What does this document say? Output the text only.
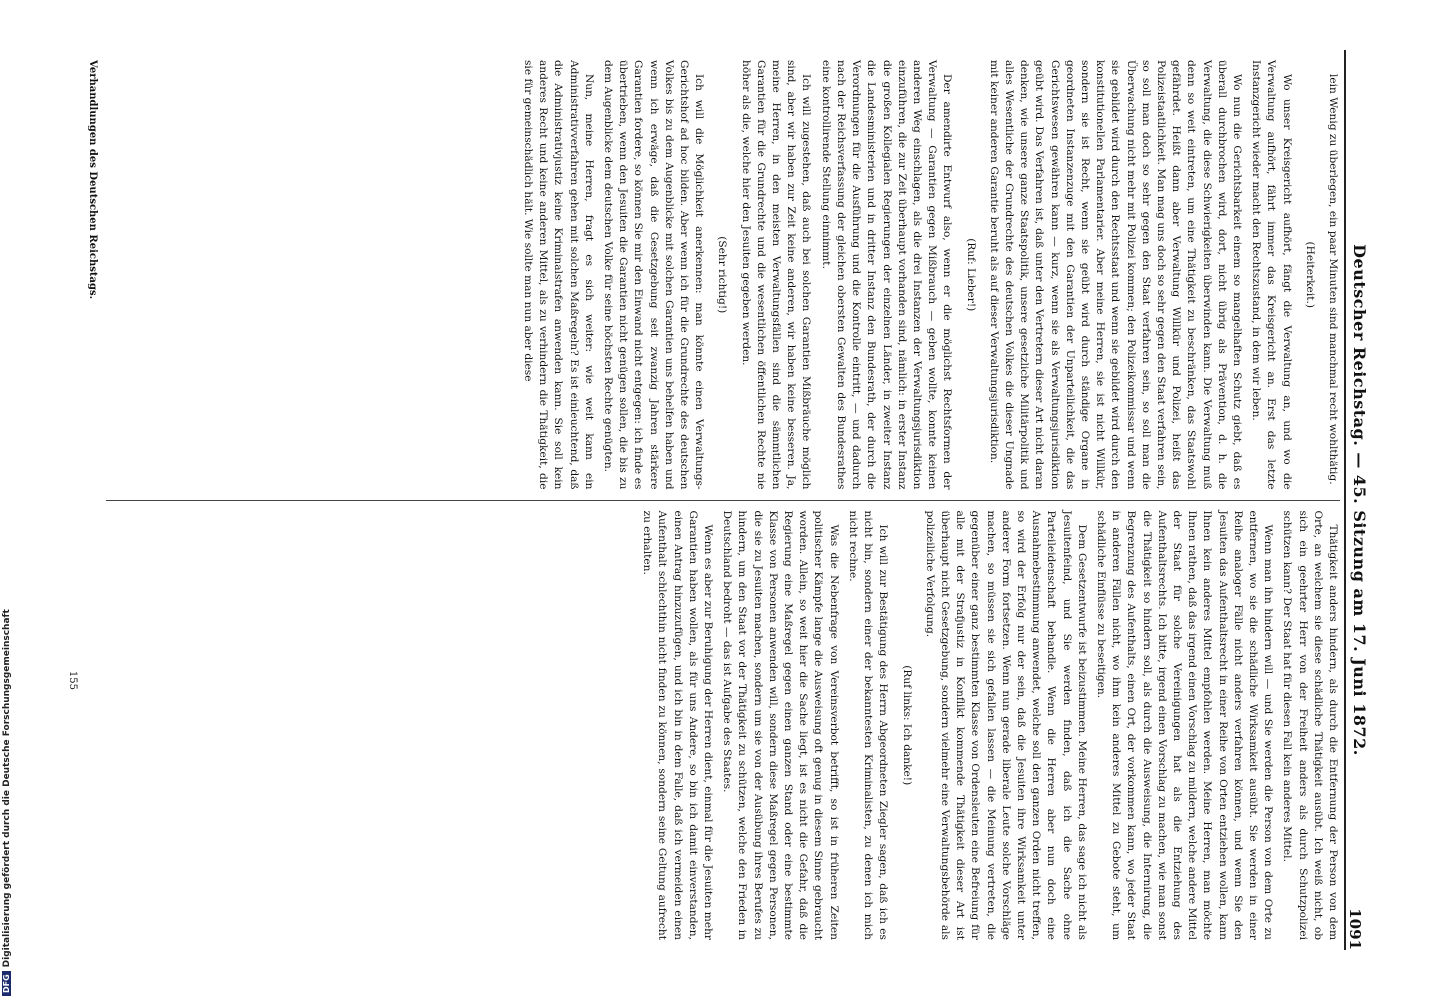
Deutscher Reichstag. — 45. Sitzung am 17. Juni 1872.
1091

lein Wenig zu überlegen, ein paar Minuten sind manchmal recht wohlthätig.

(Heiterkeit.)

Wo unser Kreisgericht aufhört, fängt die Verwaltung an, und wo die Verwaltung aufhört, fährt immer das Kreisgericht an. Erst das letzte Instanzgericht wieder macht den Rechtszustand, in dem wir leben.

Wo nun die Gerichtsbarkeit einem so mangelhaften Schutz giebt, daß es überall durchbrochen wird, dort, nicht übrig als Prävention, d. h. die Verwaltung, die diese Schwierigkeiten überwinden kann. Die Verwaltung muß denn so weit eintreten, um eine Thätigkeit zu beschränken, das Staatswohl gefährdet. Heißt dann aber Verwaltung Willkür und Polizei, heißt das Polizeistaatlichkeit. Man mag uns doch so sehr gegen den Staat verfahren sein, so soll man doch so sehr gegen den Staat verfahren sein, so soll man die Überwachung nicht mehr mit Polizei kommen; den Polizeikommissar und wenn sie gebildet wird durch den Rechtsstaat und wenn sie gebildet wird durch den konstitutionellen Parlamentarier. Aber meine Herren, sie ist nicht Willkür, sondern sie ist Recht, wenn sie geübt wird durch ständige Organe in geordneten Instanzenzuge mit den Garantien der Unparteilichkeit, die das Gerichtswesen gewähren kann — kurz, wenn sie als Verwaltungsjurisdiktion geübt wird. Das Verfahren ist, daß unter den Vertretern dieser Art nicht daran denken, wie unsere ganze Staatspolitik, unsere gesetzliche Militärpolitik und alles Wesentliche der Grundrechte des deutschen Volkes die dieser Ungnade mit keiner anderen Garantie beruht als auf dieser Verwaltungsjurisdiktion.

(Ruf: Lieber!)

Der amendirte Entwurf also, wenn er die möglichst Rechtsformen der Verwaltung — Garantien gegen Mißbrauch — geben wollte, konnte keinen anderen Weg einschlagen, als die drei Instanzen der Verwaltungsjurisdiktion einzuführen, die zur Zeit überhaupt vorhanden sind, nämlich: in erster Instanz die großen Kollegialen Regierungen der einzelnen Länder, in zweiter Instanz die Landesministerien und in dritter Instanz den Bundesrath, der durch die Verordnungen für die Ausführung und die Kontrolle eintritt, — und dadurch nach der Reichsverfassung der gleichen obersten Gewalten des Bundesrathes eine kontrollirende Stellung einnimmt.

Ich will zugestehen, daß auch bei solchen Garantien Mißbräuche möglich sind, aber wir haben zur Zeit keine anderen, wir haben keine besseren. Ja, meine Herren, in den meisten Verwaltungsfällen sind die sämmtlichen Garantien für die Grundrechte und die wesentlichen öffentlichen Rechte nie höher als die, welche hier den Jesuiten gegeben werden.

(Sehr richtig!)

Ich will die Möglichkeit anerkennen: man könnte einen Verwaltungs-Gerichtshof ad hoc bilden. Aber wenn ich für die Grundrechte des deutschen Volkes bis zu dem Augenblicke mit solchen Garantien uns behelfen haben und wenn ich erwäge, daß die Gesetzgebung seit zwanzig Jahren stärkere Garantien fordere, so können Sie mir den Einwand nicht entgegen: ich finde es übertrieben, wenn den Jesuiten die Garantien nicht genügen sollen, die bis zu dem Augenblicke dem deutschen Volke für seine höchsten Rechte genügten.

Nun, meine Herren, fragt es sich weiter: wie weit kann ein Administrativverfahren gehen mit solchen Maßregeln? Es ist einleuchtend, daß die Administrativjustiz keine Kriminalstrafen anwenden kann. Sie soll kein anderes Recht und keine anderen Mittel, als zu verhindern die Thätigkeit, die sie für gemeinschädlich hält. Wie sollte man nun aber diese

Thätigkeit anders hindern, als durch die Entfernung der Person von dem Orte, an welchem sie diese schädliche Thätigkeit ausübt. Ich weiß nicht, ob sich ein geehrter Herr von der Freiheit anders als durch Schutzpolizei schützen kann? Der Staat hat für diesen Fall kein anderes Mittel.

Wenn man ihn hindern will — und Sie werden die Person von dem Orte zu entfernen, wo sie die schädliche Wirksamkeit ausübt. Sie werden in einer Reihe analoger Fälle nicht anders verfahren können, und wenn Sie den Jesuiten das Aufenthaltsrecht in einer Reihe von Orten entziehen wollen, kann Ihnen kein anderes Mittel empfohlen werden. Meine Herren, man möchte Ihnen rathen, daß das irgend einen Vorschlag zu mildern, welche andere Mittel der Staat für solche Vereinigungen hat als die Entziehung des Aufenthaltsrechts. Ich bitte, irgend einen Vorschlag zu machen, wie man sonst die Thätigkeit so hindern soll, als durch die Ausweisung, die Internirung, die Begrenzung des Aufenthalts, einen Ort, der vorkommen kann, wo jeder Staat in anderen Fällen nicht, wo ihm kein anderes Mittel zu Gebote steht, um schädliche Einflüsse zu beseitigen.

Dem Gesetzentwurfe ist beizustimmen. Meine Herren, das sage ich nicht als Jesuitenfeind, und Sie werden finden, daß ich die Sache ohne Parteileidenschaft behandle. Wenn die Herren aber nun doch eine Ausnahmebestimmung anwendet, welche soll den ganzen Orden nicht treffen, so wird der Erfolg nur der sein, daß die Jesuiten ihre Wirksamkeit unter anderer Form fortsetzen. Wenn nun gerade liberale Leute solche Vorschläge machen, so müssen sie sich gefallen lassen — die Meinung vertreten, die gegenüber einer ganz bestimmten Klasse von Ordensleuten eine Befreiung für alle mit der Strafjustiz in Konflikt kommende Thätigkeit dieser Art ist überhaupt nicht Gesetzgebung, sondern vielmehr eine Verwaltungsbehörde als polizeiliche Verfolgung.

(Ruf links: Ich danke!)

Ich will zur Bestätigung des Herrn Abgeordneten Ziegler sagen, daß ich es nicht bin, sondern einer der bekanntesten Kriminalisten, zu denen ich mich nicht rechne.

Was die Nebenfrage von Vereinsverbot betrifft, so ist in früheren Zeiten politischer Kämpfe lange die Ausweisung oft genug in diesem Sinne gebraucht worden. Allein, so weit hier die Sache liegt, ist es nicht die Gefahr, daß die Regierung eine Maßregel gegen einen ganzen Stand oder eine bestimmte Klasse von Personen anwenden will, sondern diese Maßregel gegen Personen, die sie zu Jesuiten machen, sondern um sie von der Ausübung ihres Berufes zu hindern, um den Staat vor der Thätigkeit zu schützen, welche den Frieden in Deutschland bedroht — das ist Aufgabe des Staates.

Wenn es aber zur Beruhigung der Herren dient, einmal für die Jesuiten mehr Garantien haben wollen, als für uns Andere, so bin ich damit einverstanden, einen Antrag hinzuzufügen, und ich bin in dem Falle, daß ich vermeiden einen Aufenthalt schlechthin nicht finden zu können, sondern seine Geltung aufrecht zu erhalten.

Verhandlungen des Deutschen Reichstags.
155
DFGDigitalisierung gefördert durch die Deutsche Forschungsgemeinschaft
